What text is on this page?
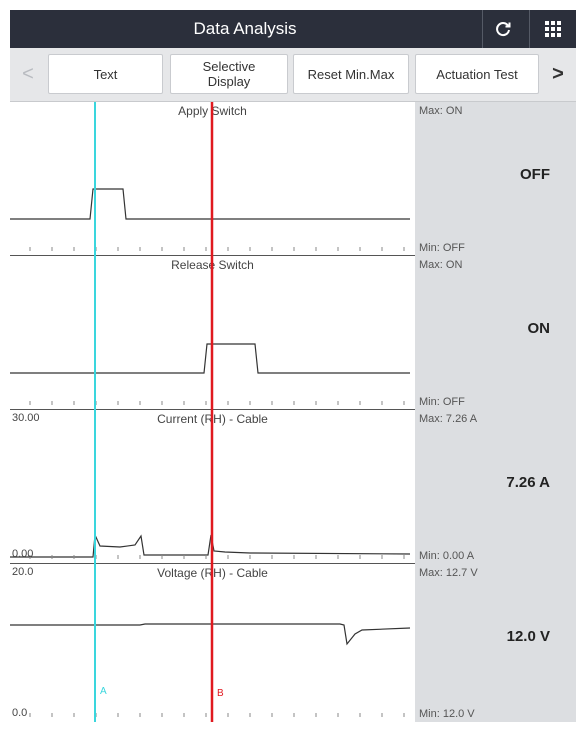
Data Analysis
<	Text	Selective Display	Reset Min.Max	Actuation Test	>
Apply Switch	Max: ON
OFF
Min: OFF
Release Switch	Max: ON
ON
Min: OFF
30.00
0.00
Current (RH) - Cable	Max: 7.26 A
7.26 A
Min: 0.00 A
20.0
0.0
Voltage (RH) - Cable	Max: 12.7 V
12.0 V
Min: 12.0 V
A	B
